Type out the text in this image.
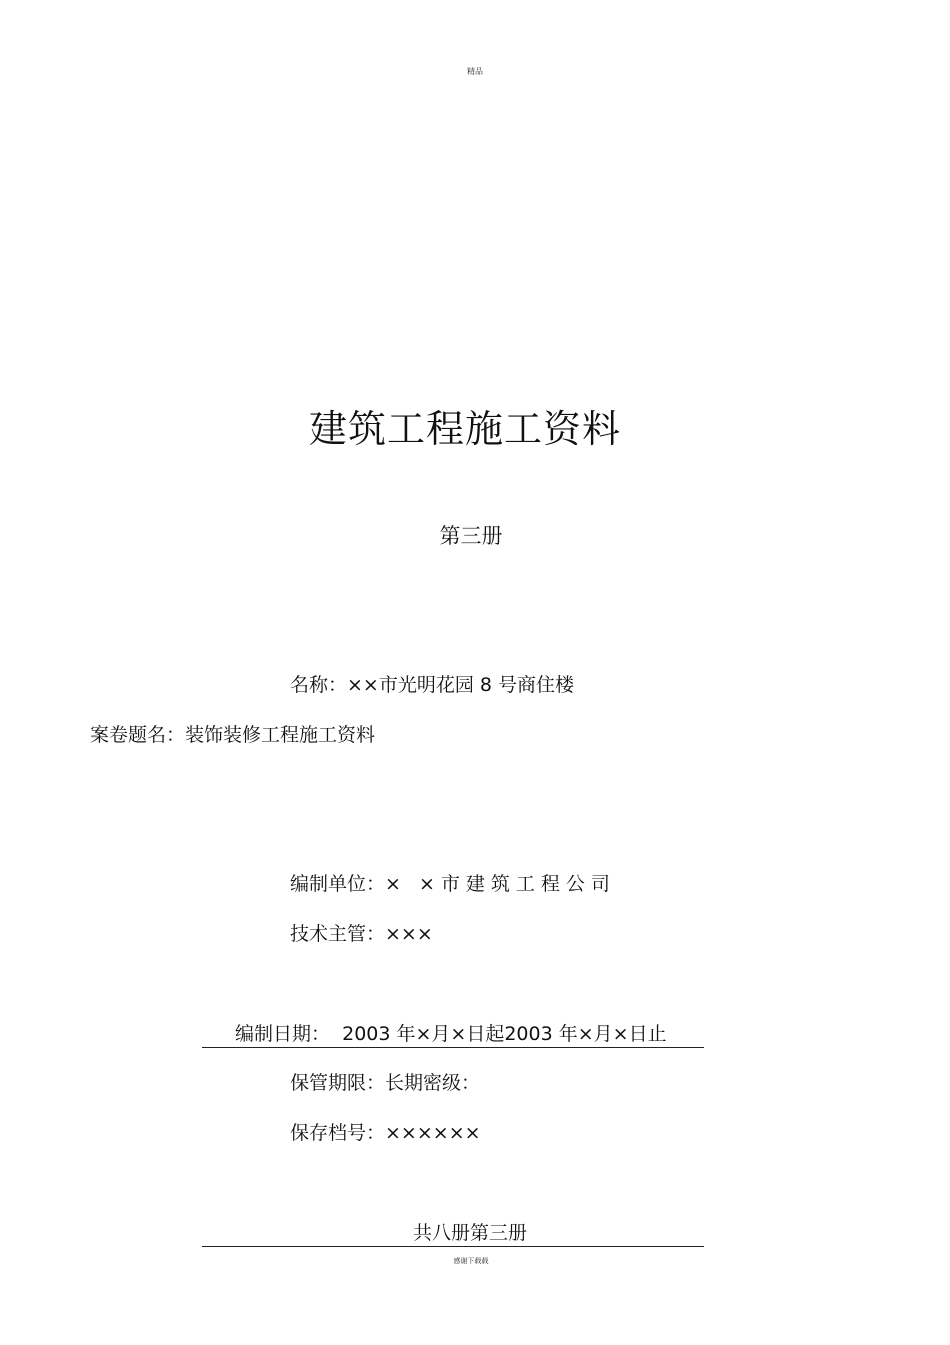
精品
建筑工程施工资料
第三册
名称：××市光明花园 8 号商住楼
案卷题名：装饰装修工程施工资料
编制单位：× ×市建筑工程公司
技术主管：×××
编制日期： 2003 年×月×日起2003 年×月×日止
保管期限：长期密级：
保存档号：××××××
共八册第三册
感谢下载载
